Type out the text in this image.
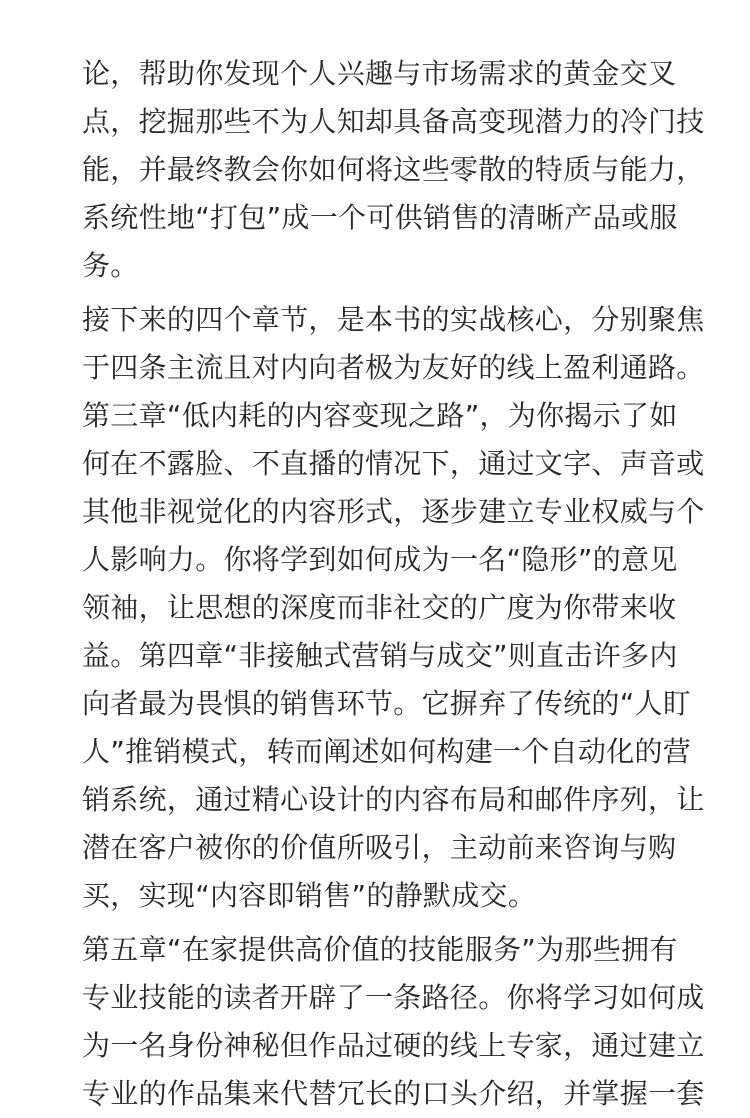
论，帮助你发现个人兴趣与市场需求的黄金交叉
点，挖掘那些不为人知却具备高变现潜力的冷门技
能，并最终教会你如何将这些零散的特质与能力，
系统性地“打包”成一个可供销售的清晰产品或服
务。
接下来的四个章节，是本书的实战核心，分别聚焦
于四条主流且对内向者极为友好的线上盈利通路。
第三章“低内耗的内容变现之路”，为你揭示了如
何在不露脸、不直播的情况下，通过文字、声音或
其他非视觉化的内容形式，逐步建立专业权威与个
人影响力。你将学到如何成为一名“隐形”的意见
领袖，让思想的深度而非社交的广度为你带来收
益。第四章“非接触式营销与成交”则直击许多内
向者最为畏惧的销售环节。它摒弃了传统的“人盯
人”推销模式，转而阐述如何构建一个自动化的营
销系统，通过精心设计的内容布局和邮件序列，让
潜在客户被你的价值所吸引，主动前来咨询与购
买，实现“内容即销售”的静默成交。
第五章“在家提供高价值的技能服务”为那些拥有
专业技能的读者开辟了一条路径。你将学习如何成
为一名身份神秘但作品过硬的线上专家，通过建立
专业的作品集来代替冗长的口头介绍，并掌握一套
